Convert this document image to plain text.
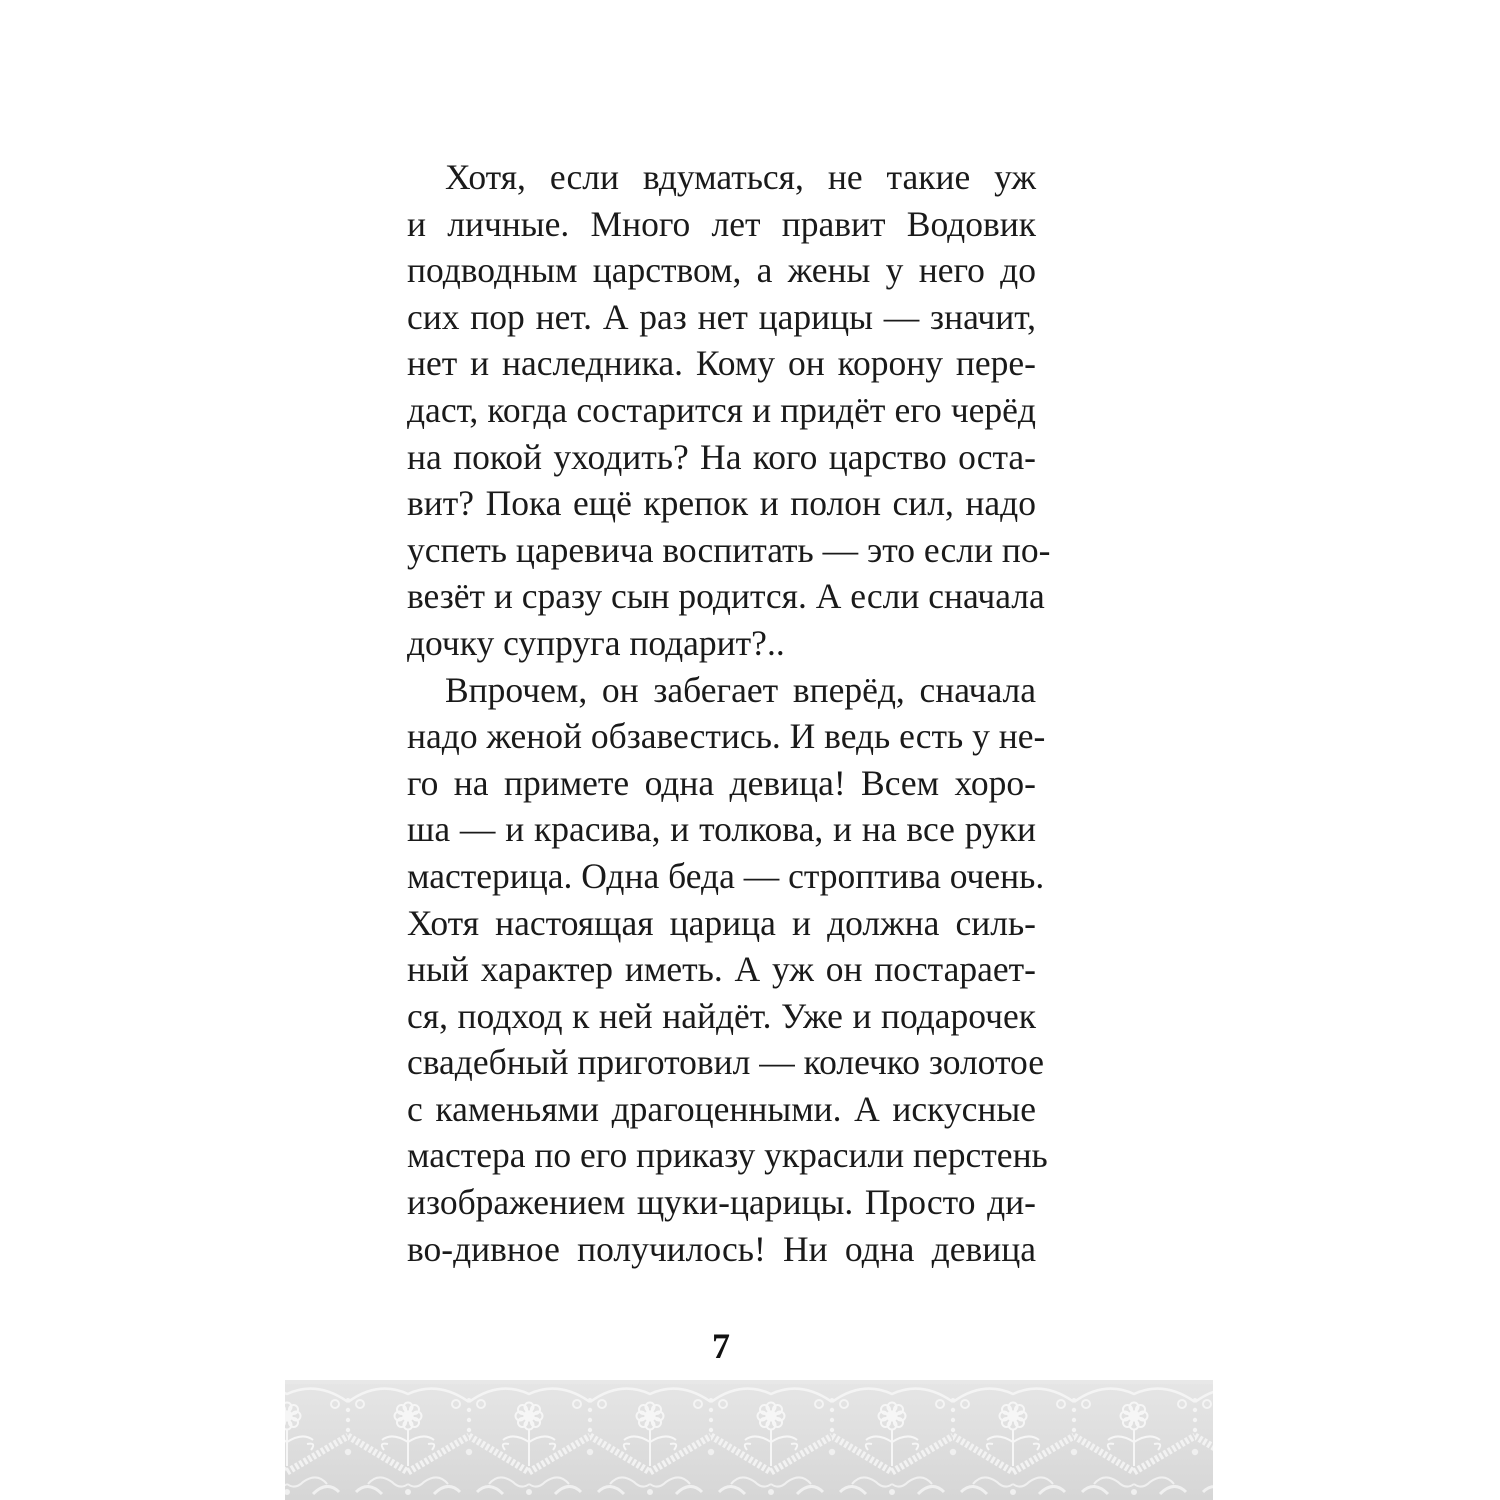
Хотя, если вдуматься, не такие уж
и личные. Много лет правит Водовик
подводным царством, а жены у него до
сих пор нет. А раз нет царицы — значит,
нет и наследника. Кому он корону пере-
даст, когда состарится и придёт его черёд
на покой уходить? На кого царство оста-
вит? Пока ещё крепок и полон сил, надо
успеть царевича воспитать — это если по-
везёт и сразу сын родится. А если сначала
дочку супруга подарит?..
Впрочем, он забегает вперёд, сначала
надо женой обзавестись. И ведь есть у не-
го на примете одна девица! Всем хоро-
ша — и красива, и толкова, и на все руки
мастерица. Одна беда — строптива очень.
Хотя настоящая царица и должна силь-
ный характер иметь. А уж он постарает-
ся, подход к ней найдёт. Уже и подарочек
свадебный приготовил — колечко золотое
с каменьями драгоценными. А искусные
мастера по его приказу украсили перстень
изображением щуки-царицы. Просто ди-
во-дивное получилось! Ни одна девица
7
